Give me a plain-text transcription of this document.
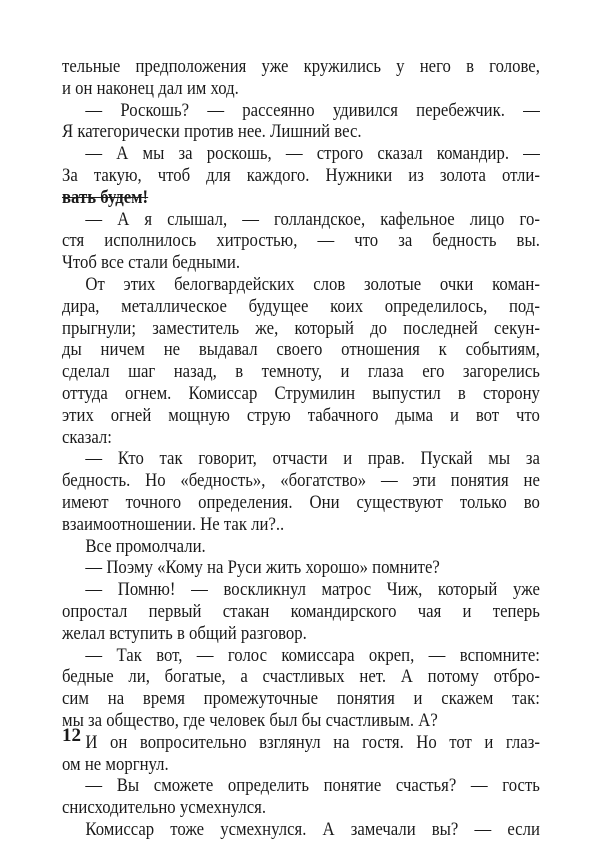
тельные предположения уже кружились у него в голове,
и он наконец дал им ход.
— Роскошь? — рассеянно удивился перебежчик. —
Я категорически против нее. Лишний вес.
— А мы за роскошь, — строго сказал командир. —
За такую, чтоб для каждого. Нужники из золота отли-
вать будем!
— А я слышал, — голландское, кафельное лицо го-
стя исполнилось хитростью, — что за бедность вы.
Чтоб все стали бедными.
От этих белогвардейских слов золотые очки коман-
дира, металлическое будущее коих определилось, под-
прыгнули; заместитель же, который до последней секун-
ды ничем не выдавал своего отношения к событиям,
сделал шаг назад, в темноту, и глаза его загорелись
оттуда огнем. Комиссар Струмилин выпустил в сторону
этих огней мощную струю табачного дыма и вот что
сказал:
— Кто так говорит, отчасти и прав. Пускай мы за
бедность. Но «бедность», «богатство» — эти понятия не
имеют точного определения. Они существуют только во
взаимоотношении. Не так ли?..
Все промолчали.
— Поэму «Кому на Руси жить хорошо» помните?
— Помню! — воскликнул матрос Чиж, который уже
опростал первый стакан командирского чая и теперь
желал вступить в общий разговор.
— Так вот, — голос комиссара окреп, — вспомните:
бедные ли, богатые, а счастливых нет. А потому отбро-
сим на время промежуточные понятия и скажем так:
мы за общество, где человек был бы счастливым. А?
И он вопросительно взглянул на гостя. Но тот и глаз-
ом не моргнул.
— Вы сможете определить понятие счастья? — гость
снисходительно усмехнулся.
Комиссар тоже усмехнулся. А замечали вы? — если
12
